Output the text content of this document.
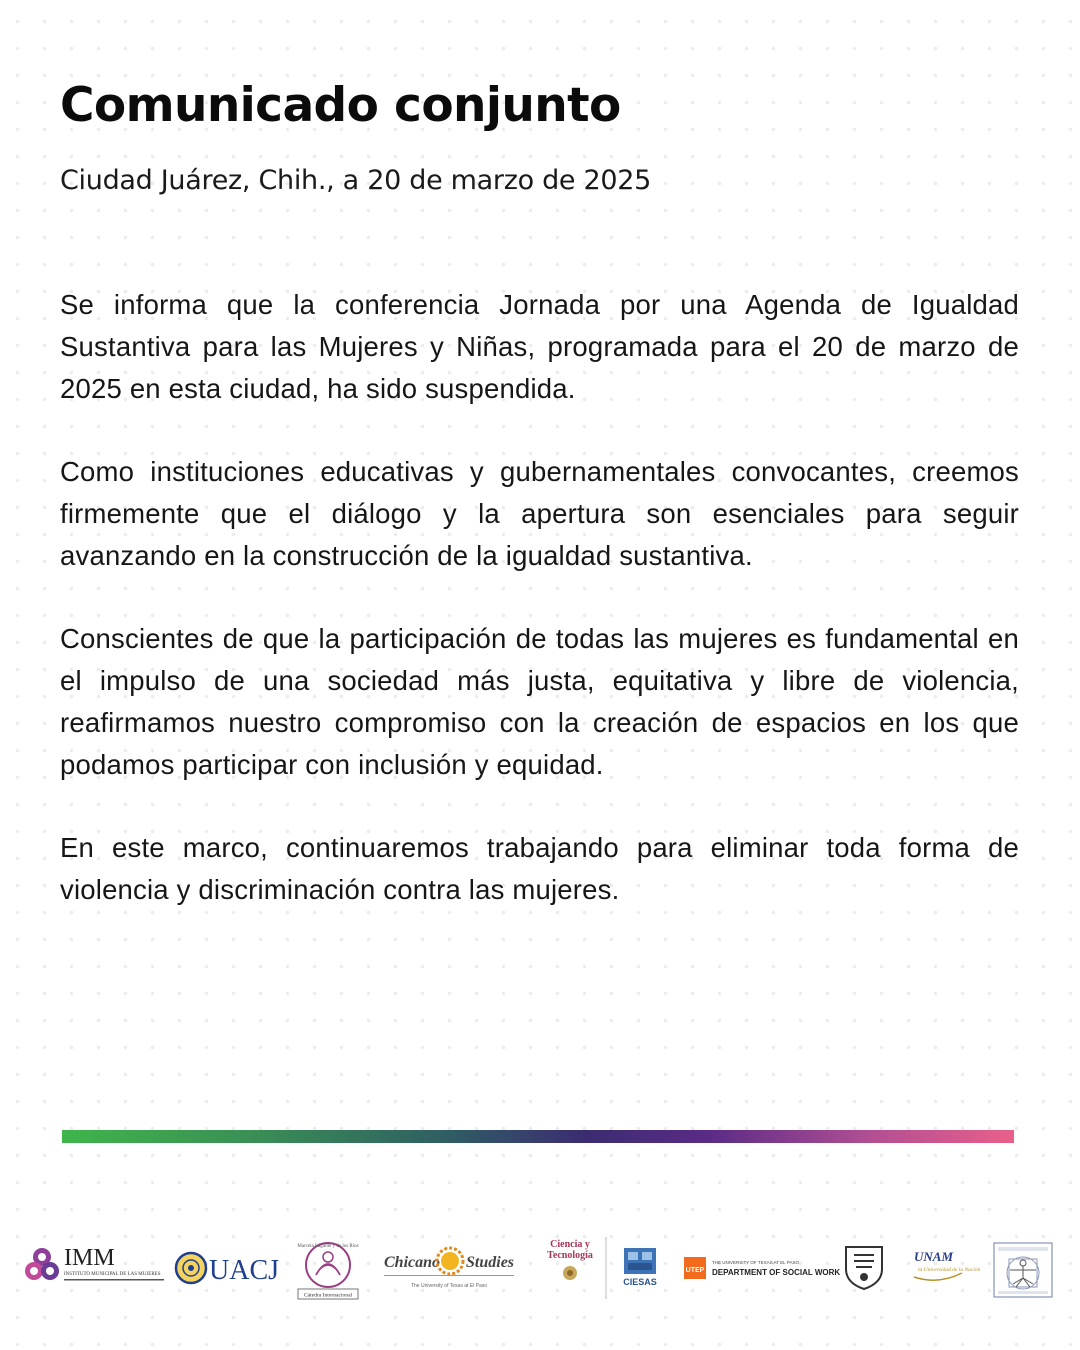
Comunicado conjunto

Ciudad Juárez, Chih., a 20 de marzo de 2025

Se informa que la conferencia Jornada por una Agenda de Igualdad Sustantiva para las Mujeres y Niñas, programada para el 20 de marzo de 2025 en esta ciudad, ha sido suspendida.

Como instituciones educativas y gubernamentales convocantes, creemos firmemente que el diálogo y la apertura son esenciales para seguir avanzando en la construcción de la igualdad sustantiva.

Conscientes de que la participación de todas las mujeres es fundamental en el impulso de una sociedad más justa, equitativa y libre de violencia, reafirmamos nuestro compromiso con la creación de espacios en los que podamos participar con inclusión y equidad.

En este marco, continuaremos trabajando para eliminar toda forma de violencia y discriminación contra las mujeres.

IMM
INSTITUTO MUNICIPAL DE LAS MUJERES UACJ
Marcela Lagarde y de los Ríos
Cátedra Internacional
Chicano Studies
The University of Texas at El Paso
Ciencia y
Tecnología
CIESAS
UTEP
THE UNIVERSITY OF TEXAS AT EL PASO
DEPARTMENT OF SOCIAL WORK
UNAM
la Universidad de la Nación
